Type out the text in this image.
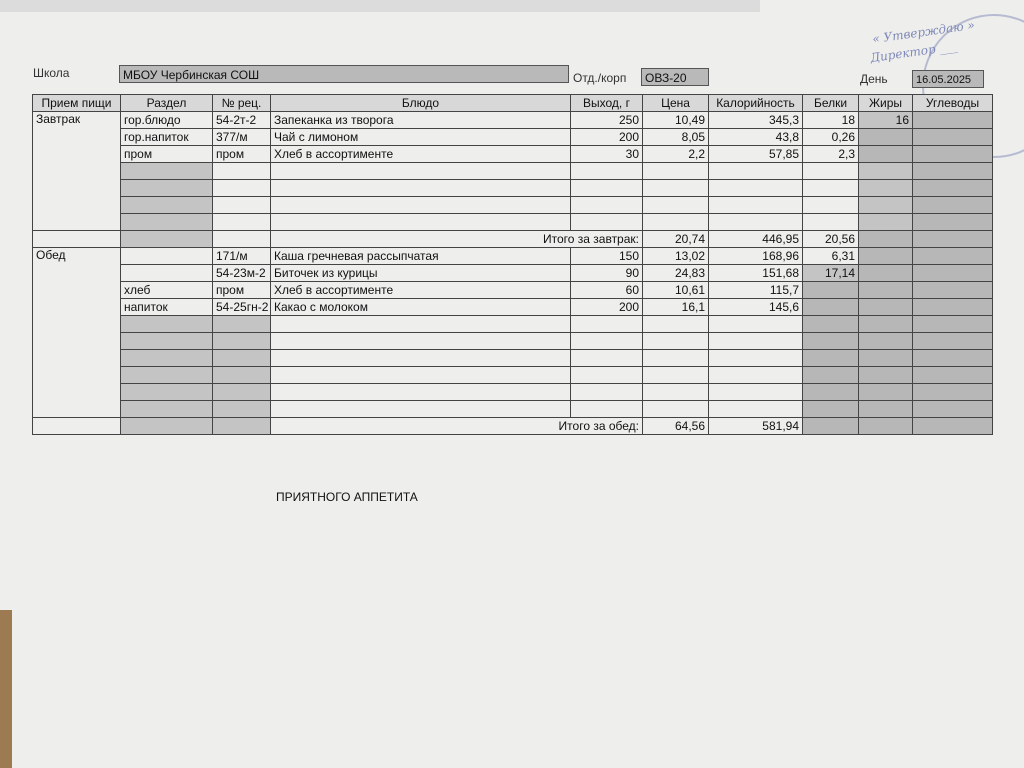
« Утверждаю »
Директор ___
Школа	МБОУ Чербинская СОШ	Отд./корп	ОВЗ-20	День	16.05.2025
Прием пищи	Раздел	№ рец.	Блюдо	Выход, г	Цена	Калорийность	Белки	Жиры	Углеводы
Завтрак	гор.блюдо	54-2т-2	Запеканка из творога	250	10,49	345,3	18	16	
	гор.напиток	377/м	Чай с лимоном	200	8,05	43,8	0,26		
	пром	пром	Хлеб в ассортименте	30	2,2	57,85	2,3		

			Итого за завтрак:		20,74	446,95	20,56		
Обед		171/м	Каша гречневая рассыпчатая	150	13,02	168,96	6,31		
		54-23м-2	Биточек из курицы	90	24,83	151,68	17,14		
	хлеб	пром	Хлеб в ассортименте	60	10,61	115,7			
	напиток	54-25гн-2	Какао с молоком	200	16,1	145,6			

			Итого за обед:		64,56	581,94			
ПРИЯТНОГО АППЕТИТА
